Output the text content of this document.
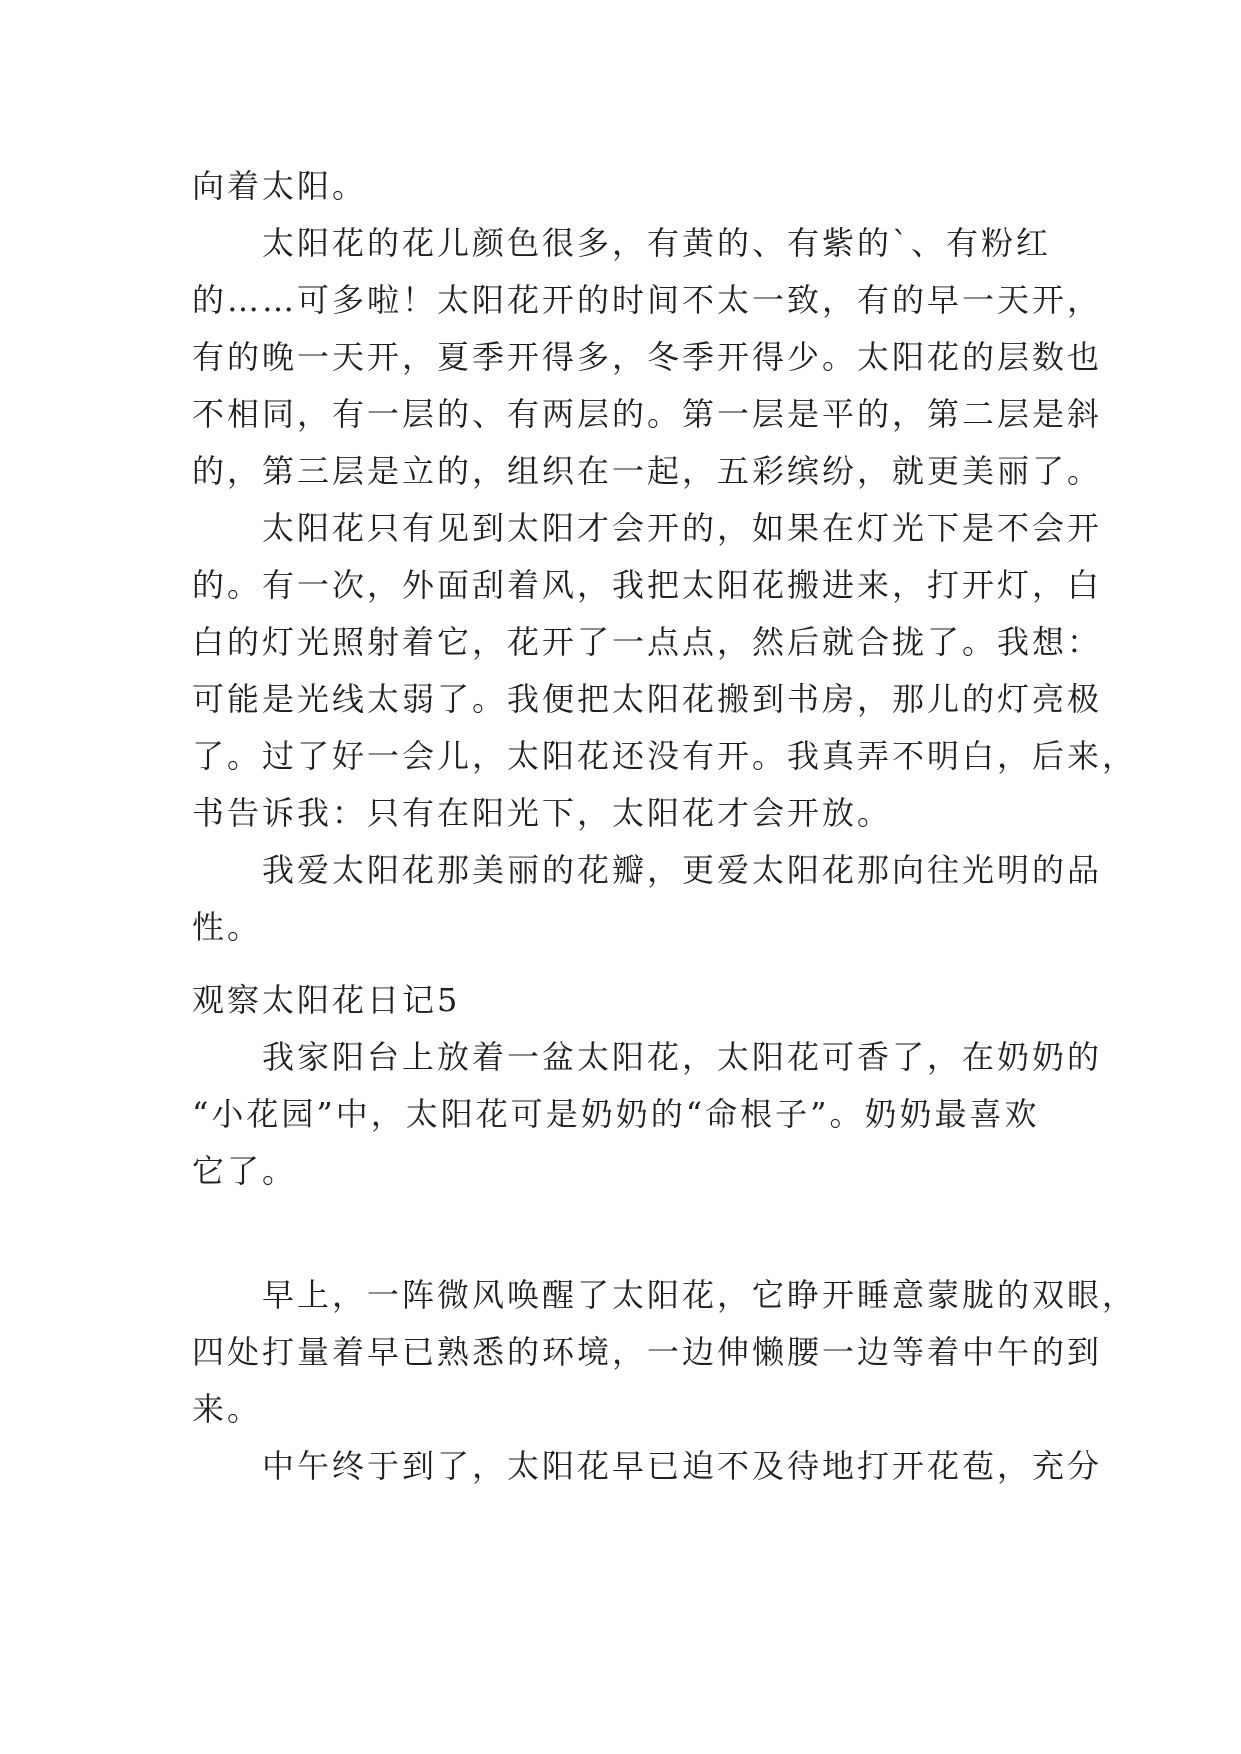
向着太阳。
　　太阳花的花儿颜色很多，有黄的、有紫的`、有粉红
的……可多啦！太阳花开的时间不太一致，有的早一天开，
有的晚一天开，夏季开得多，冬季开得少。太阳花的层数也
不相同，有一层的、有两层的。第一层是平的，第二层是斜
的，第三层是立的，组织在一起，五彩缤纷，就更美丽了。
　　太阳花只有见到太阳才会开的，如果在灯光下是不会开
的。有一次，外面刮着风，我把太阳花搬进来，打开灯，白
白的灯光照射着它，花开了一点点，然后就合拢了。我想：
可能是光线太弱了。我便把太阳花搬到书房，那儿的灯亮极
了。过了好一会儿，太阳花还没有开。我真弄不明白，后来，
书告诉我：只有在阳光下，太阳花才会开放。
　　我爱太阳花那美丽的花瓣，更爱太阳花那向往光明的品
性。
观察太阳花日记5
　　我家阳台上放着一盆太阳花，太阳花可香了，在奶奶的
“小花园”中，太阳花可是奶奶的“命根子”。奶奶最喜欢
它了。
　　早上，一阵微风唤醒了太阳花，它睁开睡意蒙胧的双眼，
四处打量着早已熟悉的环境，一边伸懒腰一边等着中午的到
来。
　　中午终于到了，太阳花早已迫不及待地打开花苞，充分
